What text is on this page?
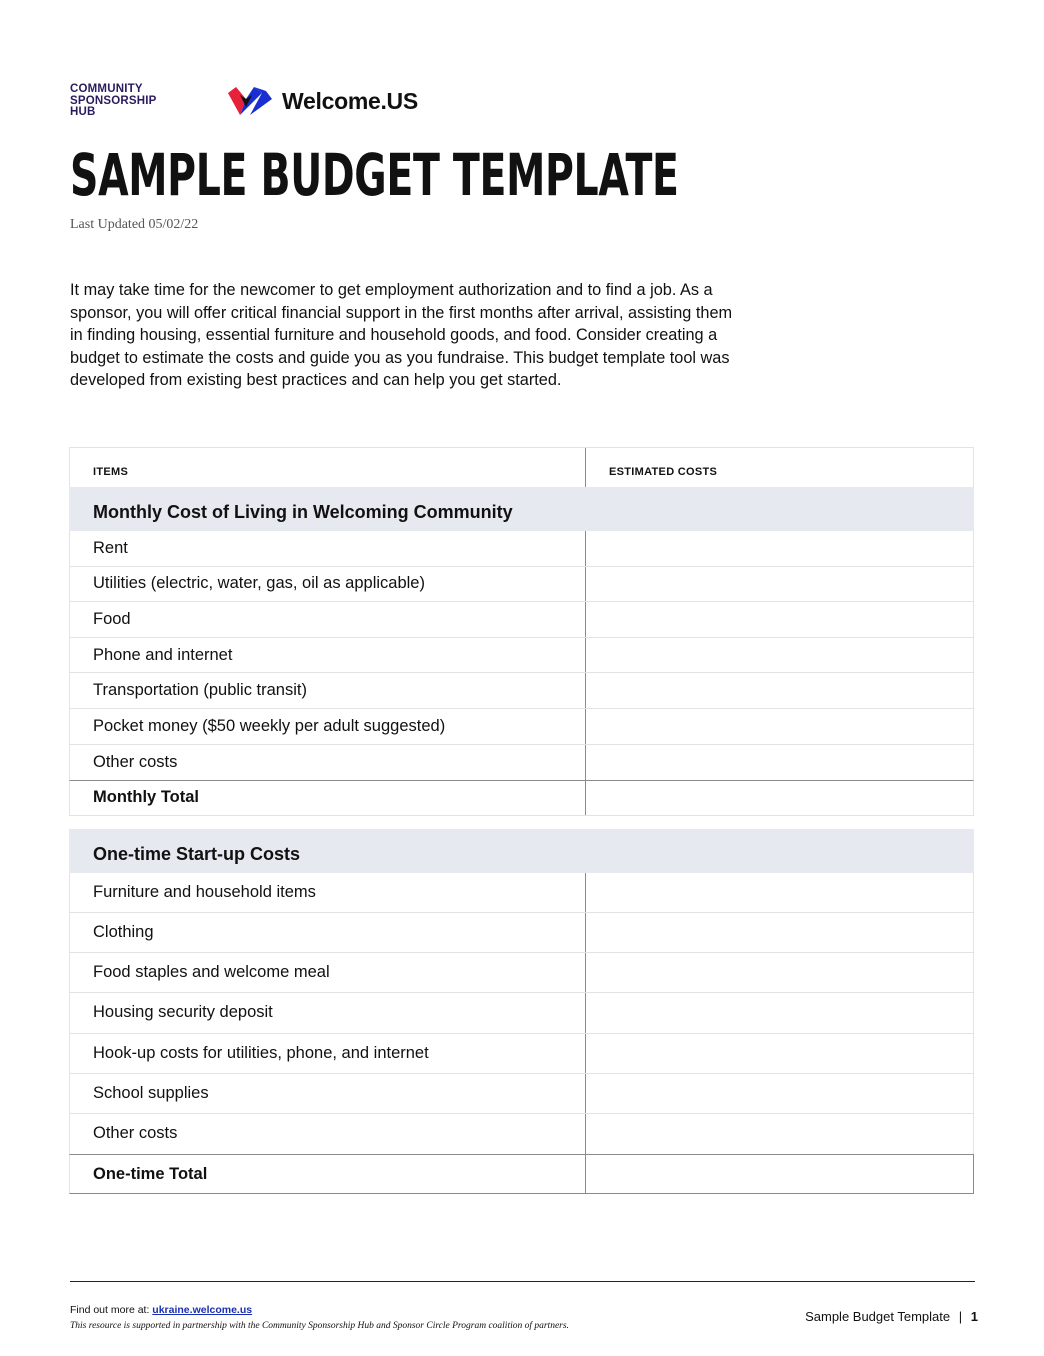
COMMUNITY
SPONSORSHIP
HUB	Welcome.US
SAMPLE BUDGET TEMPLATE
Last Updated 05/02/22

It may take time for the newcomer to get employment authorization and to find a job. As a sponsor, you will offer critical financial support in the first months after arrival, assisting them in finding housing, essential furniture and household goods, and food. Consider creating a budget to estimate the costs and guide you as you fundraise. This budget template tool was developed from existing best practices and can help you get started.

ITEMS	ESTIMATED COSTS
Monthly Cost of Living in Welcoming Community
Rent
Utilities (electric, water, gas, oil as applicable)
Food
Phone and internet
Transportation (public transit)
Pocket money ($50 weekly per adult suggested)
Other costs
Monthly Total
One-time Start-up Costs
Furniture and household items
Clothing
Food staples and welcome meal
Housing security deposit
Hook-up costs for utilities, phone, and internet
School supplies
Other costs
One-time Total
Find out more at: ukraine.welcome.us
This resource is supported in partnership with the Community Sponsorship Hub and Sponsor Circle Program coalition of partners.
Sample Budget Template | 1
